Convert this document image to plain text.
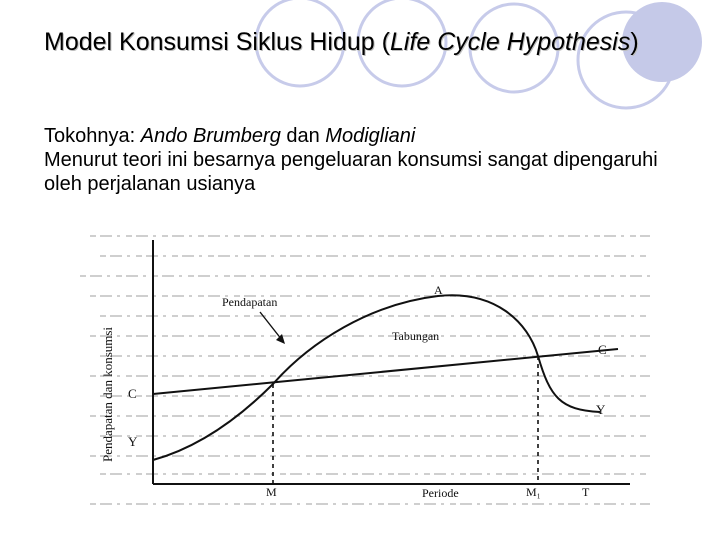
Model Konsumsi Siklus Hidup (Life Cycle Hypothesis)

Tokohnya: Ando Brumberg dan Modigliani

Menurut teori ini besarnya pengeluaran konsumsi sangat dipengaruhi oleh perjalanan usianya

Pendapatan dan konsumsi
Pendapatan
Tabungan
A
C
Y
C
Y
M	Periode	M₁	T
